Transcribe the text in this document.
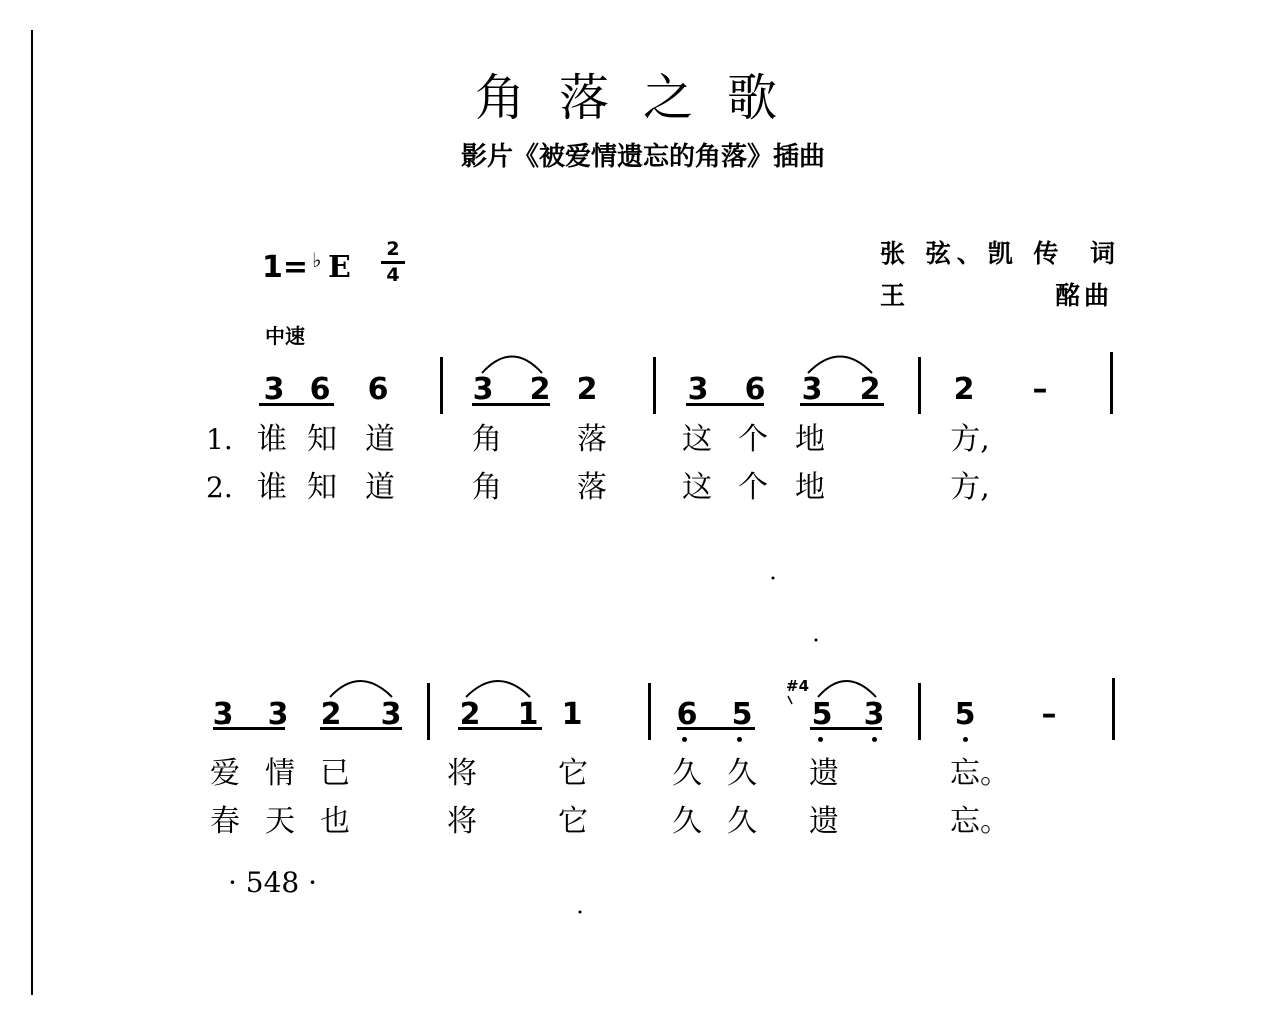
角落之歌
影片《被爱情遗忘的角落》插曲
1= ♭ E
2
4
张 弦、凯 传 词
王	酩曲
中速
1.
2.
#4
· 548 ·
3 6 6	3 2 2	3 6 3 2 2 –
谁 知 道	角	落	这 个 地	方,
谁 知 道	角	落	这 个 地	方,
3 3 2 3 2 1 1	6 5 5 3 5 –
爱 情 已	将	它	久 久 遗	忘。
春 天 也	将	它	久 久 遗	忘。
